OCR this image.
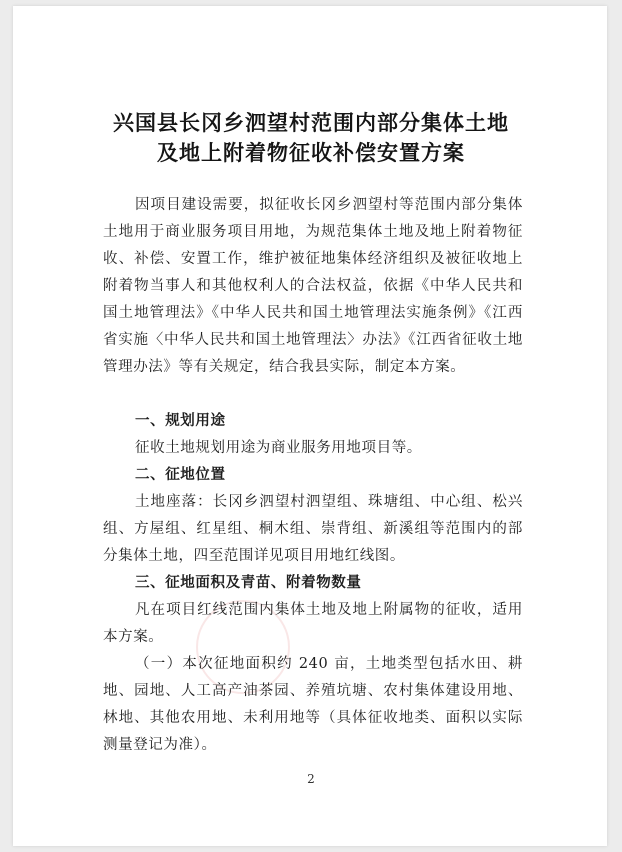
兴国县长冈乡泗望村范围内部分集体土地
及地上附着物征收补偿安置方案

因项目建设需要，拟征收长冈乡泗望村等范围内部分集体土地用于商业服务项目用地，为规范集体土地及地上附着物征收、补偿、安置工作，维护被征地集体经济组织及被征收地上附着物当事人和其他权利人的合法权益，依据《中华人民共和国土地管理法》《中华人民共和国土地管理法实施条例》《江西省实施〈中华人民共和国土地管理法〉办法》《江西省征收土地管理办法》等有关规定，结合我县实际，制定本方案。

一、规划用途

征收土地规划用途为商业服务用地项目等。

二、征地位置

土地座落：长冈乡泗望村泗望组、珠塘组、中心组、松兴组、方屋组、红星组、桐木组、崇背组、新溪组等范围内的部分集体土地，四至范围详见项目用地红线图。

三、征地面积及青苗、附着物数量

凡在项目红线范围内集体土地及地上附属物的征收，适用本方案。

（一）本次征地面积约 240 亩，土地类型包括水田、耕地、园地、人工高产油茶园、养殖坑塘、农村集体建设用地、林地、其他农用地、未利用地等（具体征收地类、面积以实际测量登记为准）。

2
